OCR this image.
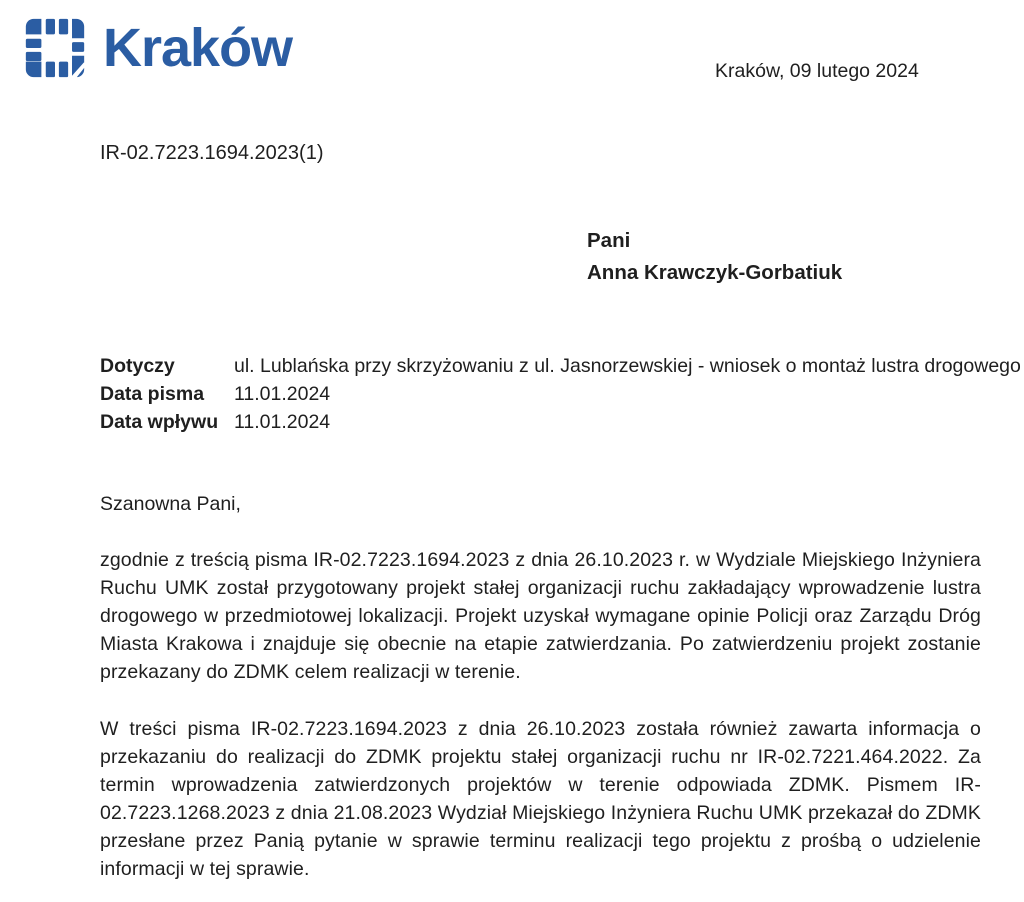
Kraków	Kraków, 09 lutego 2024
IR-02.7223.1694.2023(1)
Pani
Anna Krawczyk-Gorbatiuk
Dotyczy	ul. Lublańska przy skrzyżowaniu z ul. Jasnorzewskiej - wniosek o montaż lustra drogowego
Data pisma	11.01.2024
Data wpływu 11.01.2024
Szanowna Pani,

zgodnie z treścią pisma IR-02.7223.1694.2023 z dnia 26.10.2023 r. w Wydziale Miejskiego Inżyniera Ruchu UMK został przygotowany projekt stałej organizacji ruchu zakładający wprowadzenie lustra drogowego w przedmiotowej lokalizacji. Projekt uzyskał wymagane opinie Policji oraz Zarządu Dróg Miasta Krakowa i znajduje się obecnie na etapie zatwierdzania. Po zatwierdzeniu projekt zostanie przekazany do ZDMK celem realizacji w terenie.

W treści pisma IR-02.7223.1694.2023 z dnia 26.10.2023 została również zawarta informacja o przekazaniu do realizacji do ZDMK projektu stałej organizacji ruchu nr IR-02.7221.464.2022. Za termin wprowadzenia zatwierdzonych projektów w terenie odpowiada ZDMK. Pismem IR-02.7223.1268.2023 z dnia 21.08.2023 Wydział Miejskiego Inżyniera Ruchu UMK przekazał do ZDMK przesłane przez Panią pytanie w sprawie terminu realizacji tego projektu z prośbą o udzielenie informacji w tej sprawie.
